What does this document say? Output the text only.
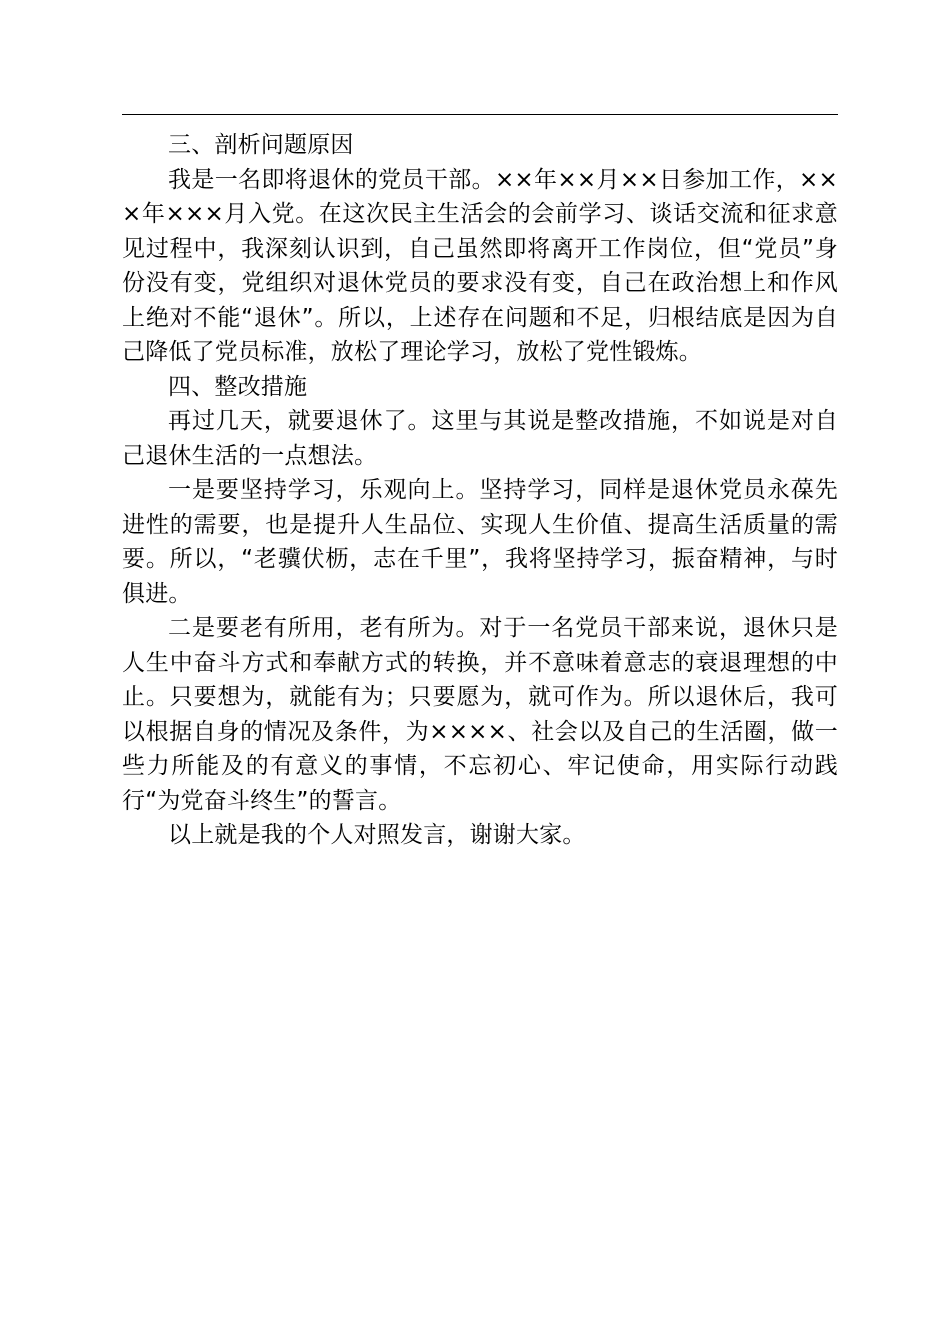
三、剖析问题原因

我是一名即将退休的党员干部。××年××月××日参加工作，×××年×××月入党。在这次民主生活会的会前学习、谈话交流和征求意见过程中，我深刻认识到，自己虽然即将离开工作岗位，但“党员”身份没有变，党组织对退休党员的要求没有变，自己在政治想上和作风上绝对不能“退休”。所以，上述存在问题和不足，归根结底是因为自己降低了党员标准，放松了理论学习，放松了党性锻炼。

四、整改措施

再过几天，就要退休了。这里与其说是整改措施，不如说是对自己退休生活的一点想法。

一是要坚持学习，乐观向上。坚持学习，同样是退休党员永葆先进性的需要，也是提升人生品位、实现人生价值、提高生活质量的需要。所以，“老骥伏枥，志在千里”，我将坚持学习，振奋精神，与时俱进。

二是要老有所用，老有所为。对于一名党员干部来说，退休只是人生中奋斗方式和奉献方式的转换，并不意味着意志的衰退理想的中止。只要想为，就能有为；只要愿为，就可作为。所以退休后，我可以根据自身的情况及条件，为××××、社会以及自己的生活圈，做一些力所能及的有意义的事情，不忘初心、牢记使命，用实际行动践行“为党奋斗终生”的誓言。

以上就是我的个人对照发言，谢谢大家。
